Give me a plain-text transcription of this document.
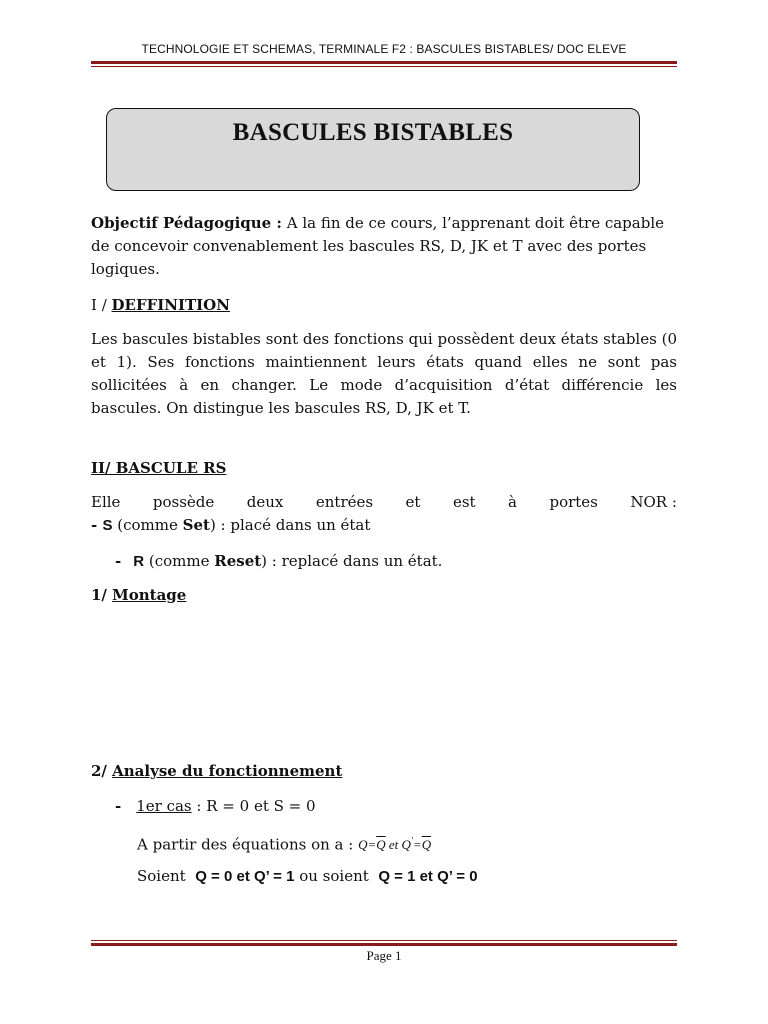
TECHNOLOGIE ET SCHEMAS, TERMINALE F2 : BASCULES BISTABLES/ DOC ELEVE
BASCULES BISTABLES
Objectif Pédagogique : A la fin de ce cours, l’apprenant doit être capable de concevoir convenablement les bascules RS, D, JK et T avec des portes logiques.
I / DEFFINITION
Les bascules bistables sont des fonctions qui possèdent deux états stables (0 et 1). Ses fonctions maintiennent leurs états quand elles ne sont pas sollicitées à en changer. Le mode d’acquisition d’état différencie les bascules. On distingue les bascules RS, D, JK et T.
II/ BASCULE RS
Elle possède deux entrées et est à portes NOR :
- S (comme Set) : placé dans un état
- R (comme Reset) : replacé dans un état.
1/ Montage
2/ Analyse du fonctionnement
- 1er cas : R = 0 et S = 0
A partir des équations on a : $Q=\overline{Q}$ et $Q'=\overline{Q}$
Soient  Q = 0 et Q’ = 1 ou soient  Q = 1 et Q’ = 0
Page 1
